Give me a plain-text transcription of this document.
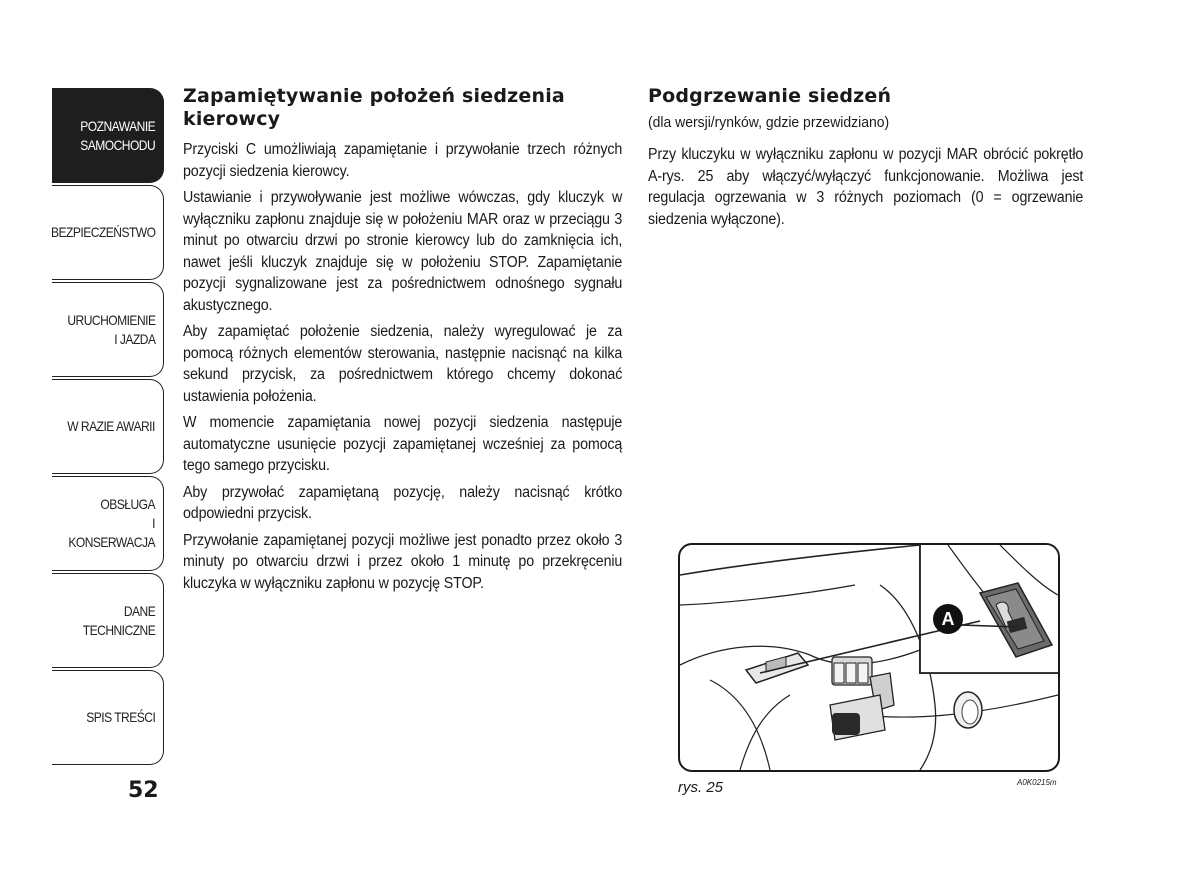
POZNAWANIE
SAMOCHODU
BEZPIECZEŃSTWO
URUCHOMIENIE
I JAZDA
W RAZIE AWARII
OBSŁUGA
I KONSERWACJA
DANE
TECHNICZNE
SPIS TREŚCI
52
Zapamiętywanie położeń siedzenia kierowcy

Przyciski C umożliwiają zapamiętanie i przywołanie trzech różnych pozycji siedzenia kierowcy.

Ustawianie i przywoływanie jest możliwe wówczas, gdy kluczyk w wyłączniku zapłonu znajduje się w położeniu MAR oraz w przeciągu 3 minut po otwarciu drzwi po stronie kierowcy lub do zamknięcia ich, nawet jeśli kluczyk znajduje się w położeniu STOP. Zapamiętanie pozycji sygnalizowane jest za pośrednictwem odnośnego sygnału akustycznego.

Aby zapamiętać położenie siedzenia, należy wyregulować je za pomocą różnych elementów sterowania, następnie nacisnąć na kilka sekund przycisk, za pośrednictwem którego chcemy dokonać ustawienia położenia.

W momencie zapamiętania nowej pozycji siedzenia następuje automatyczne usunięcie pozycji zapamiętanej wcześniej za pomocą tego samego przycisku.

Aby przywołać zapamiętaną pozycję, należy nacisnąć krótko odpowiedni przycisk.

Przywołanie zapamiętanej pozycji możliwe jest ponadto przez około 3 minuty po otwarciu drzwi i przez około 1 minutę po przekręceniu kluczyka w wyłączniku zapłonu w pozycję STOP.

Podgrzewanie siedzeń
(dla wersji/rynków, gdzie przewidziano)

Przy kluczyku w wyłączniku zapłonu w pozycji MAR obrócić pokrętło A-rys. 25 aby włączyć/wyłączyć funkcjonowanie. Możliwa jest regulacja ogrzewania w 3 różnych poziomach (0 = ogrzewanie siedzenia wyłączone).

A
rys. 25	A0K0215m
